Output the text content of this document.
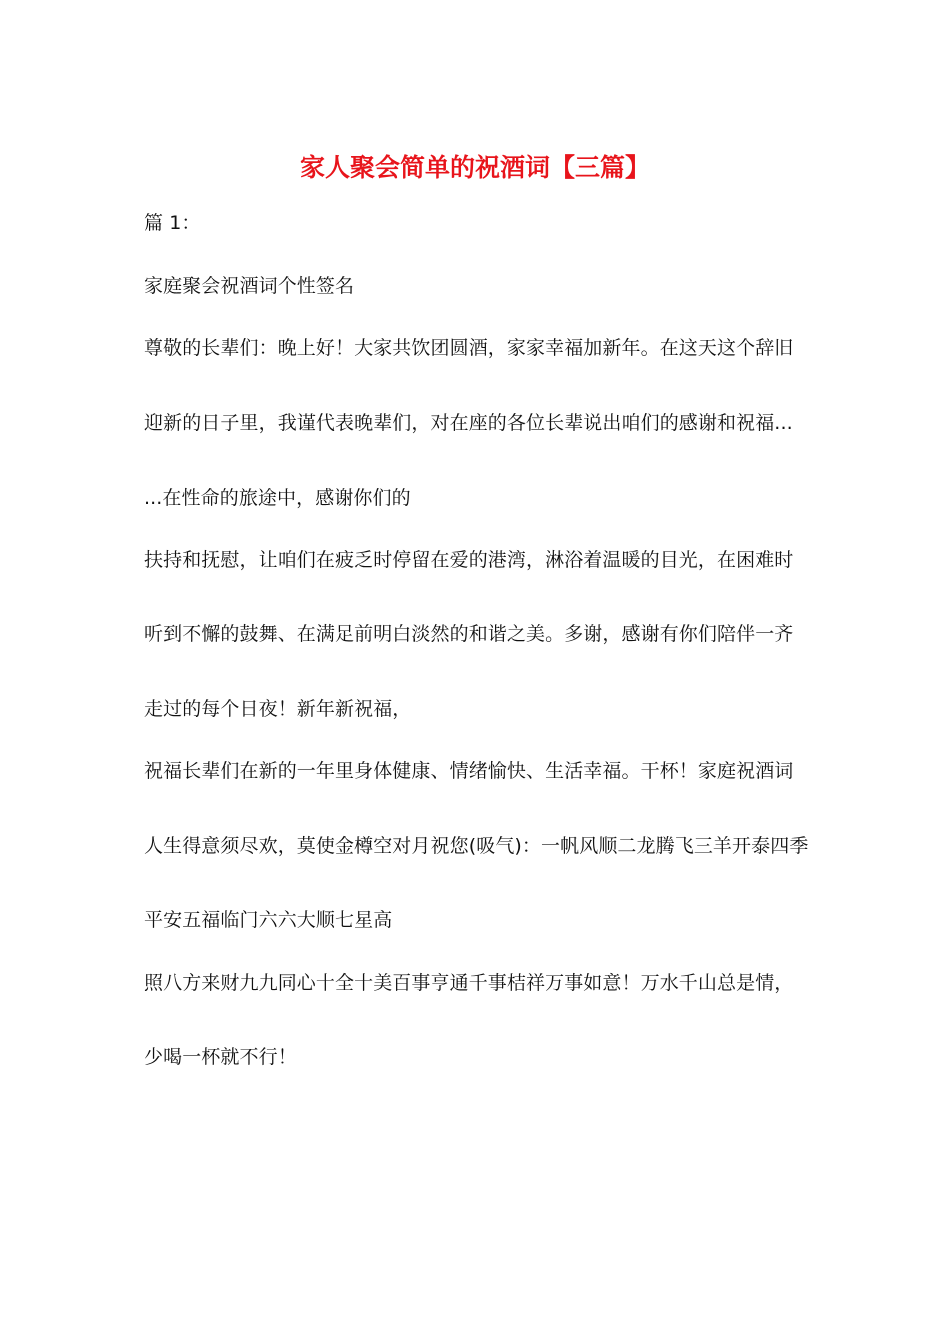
家人聚会简单的祝酒词【三篇】
篇 1：
家庭聚会祝酒词个性签名
尊敬的长辈们：晚上好！大家共饮团圆酒，家家幸福加新年。在这天这个辞旧
迎新的日子里，我谨代表晚辈们，对在座的各位长辈说出咱们的感谢和祝福...
...在性命的旅途中，感谢你们的
扶持和抚慰，让咱们在疲乏时停留在爱的港湾，淋浴着温暖的目光，在困难时
听到不懈的鼓舞、在满足前明白淡然的和谐之美。多谢，感谢有你们陪伴一齐
走过的每个日夜！新年新祝福，
祝福长辈们在新的一年里身体健康、情绪愉快、生活幸福。干杯！家庭祝酒词
人生得意须尽欢，莫使金樽空对月祝您(吸气)：一帆风顺二龙腾飞三羊开泰四季
平安五福临门六六大顺七星高
照八方来财九九同心十全十美百事亨通千事桔祥万事如意！万水千山总是情，
少喝一杯就不行！
